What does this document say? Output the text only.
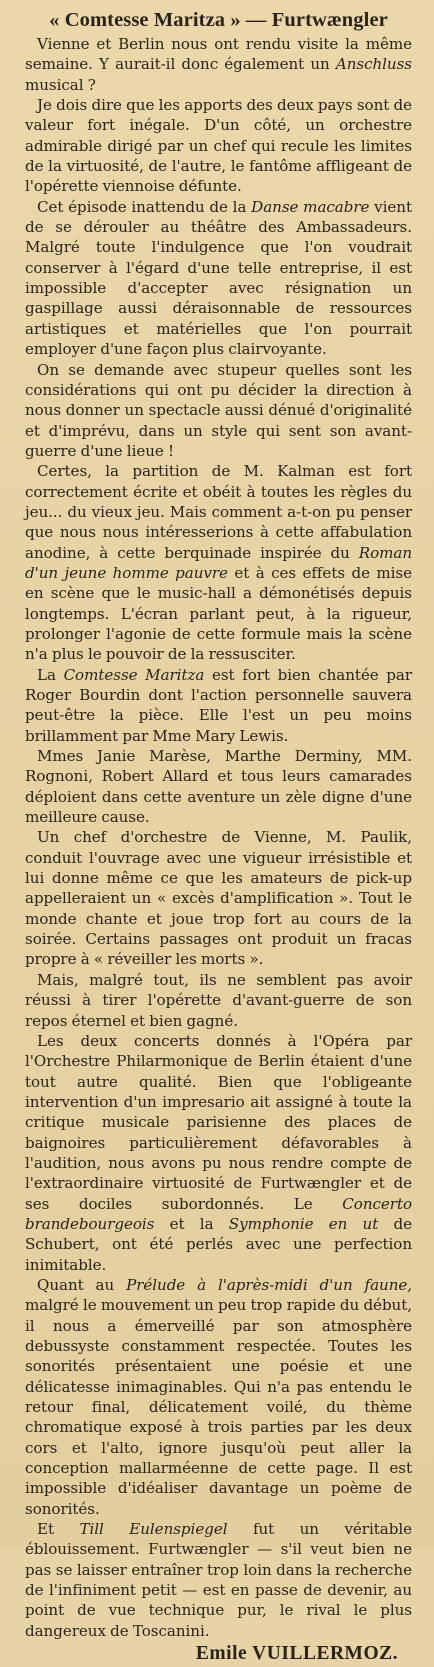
« Comtesse Maritza » — Furtwængler

Vienne et Berlin nous ont rendu visite la même semaine. Y aurait-il donc également un Anschluss musical ?

Je dois dire que les apports des deux pays sont de valeur fort inégale. D'un côté, un orchestre admirable dirigé par un chef qui recule les limites de la virtuosité, de l'autre, le fantôme affligeant de l'opérette viennoise défunte.

Cet épisode inattendu de la Danse macabre vient de se dérouler au théâtre des Ambassadeurs. Malgré toute l'indulgence que l'on voudrait conserver à l'égard d'une telle entreprise, il est impossible d'accepter avec résignation un gaspillage aussi déraisonnable de ressources artistiques et matérielles que l'on pourrait employer d'une façon plus clairvoyante.

On se demande avec stupeur quelles sont les considérations qui ont pu décider la direction à nous donner un spectacle aussi dénué d'originalité et d'imprévu, dans un style qui sent son avant-guerre d'une lieue !

Certes, la partition de M. Kalman est fort correctement écrite et obéit à toutes les règles du jeu... du vieux jeu. Mais comment a-t-on pu penser que nous nous intéresserions à cette affabulation anodine, à cette berquinade inspirée du Roman d'un jeune homme pauvre et à ces effets de mise en scène que le music-hall a démonétisés depuis longtemps. L'écran parlant peut, à la rigueur, prolonger l'agonie de cette formule mais la scène n'a plus le pouvoir de la ressusciter.

La Comtesse Maritza est fort bien chantée par Roger Bourdin dont l'action personnelle sauvera peut-être la pièce. Elle l'est un peu moins brillamment par Mme Mary Lewis.

Mmes Janie Marèse, Marthe Derminy, MM. Rognoni, Robert Allard et tous leurs camarades déploient dans cette aventure un zèle digne d'une meilleure cause.

Un chef d'orchestre de Vienne, M. Paulik, conduit l'ouvrage avec une vigueur irrésistible et lui donne même ce que les amateurs de pick-up appelleraient un « excès d'amplification ». Tout le monde chante et joue trop fort au cours de la soirée. Certains passages ont produit un fracas propre à « réveiller les morts ».

Mais, malgré tout, ils ne semblent pas avoir réussi à tirer l'opérette d'avant-guerre de son repos éternel et bien gagné.

Les deux concerts donnés à l'Opéra par l'Orchestre Philarmonique de Berlin étaient d'une tout autre qualité. Bien que l'obligeante intervention d'un impresario ait assigné à toute la critique musicale parisienne des places de baignoires particulièrement défavorables à l'audition, nous avons pu nous rendre compte de l'extraordinaire virtuosité de Furtwængler et de ses dociles subordonnés. Le Concerto brandebourgeois et la Symphonie en ut de Schubert, ont été perlés avec une perfection inimitable.

Quant au Prélude à l'après-midi d'un faune, malgré le mouvement un peu trop rapide du début, il nous a émerveillé par son atmosphère debussyste constamment respectée. Toutes les sonorités présentaient une poésie et une délicatesse inimaginables. Qui n'a pas entendu le retour final, délicatement voilé, du thème chromatique exposé à trois parties par les deux cors et l'alto, ignore jusqu'où peut aller la conception mallarméenne de cette page. Il est impossible d'idéaliser davantage un poème de sonorités.

Et Till Eulenspiegel fut un véritable éblouissement. Furtwængler — s'il veut bien ne pas se laisser entraîner trop loin dans la recherche de l'infiniment petit — est en passe de devenir, au point de vue technique pur, le rival le plus dangereux de Toscanini.

Emile VUILLERMOZ.
